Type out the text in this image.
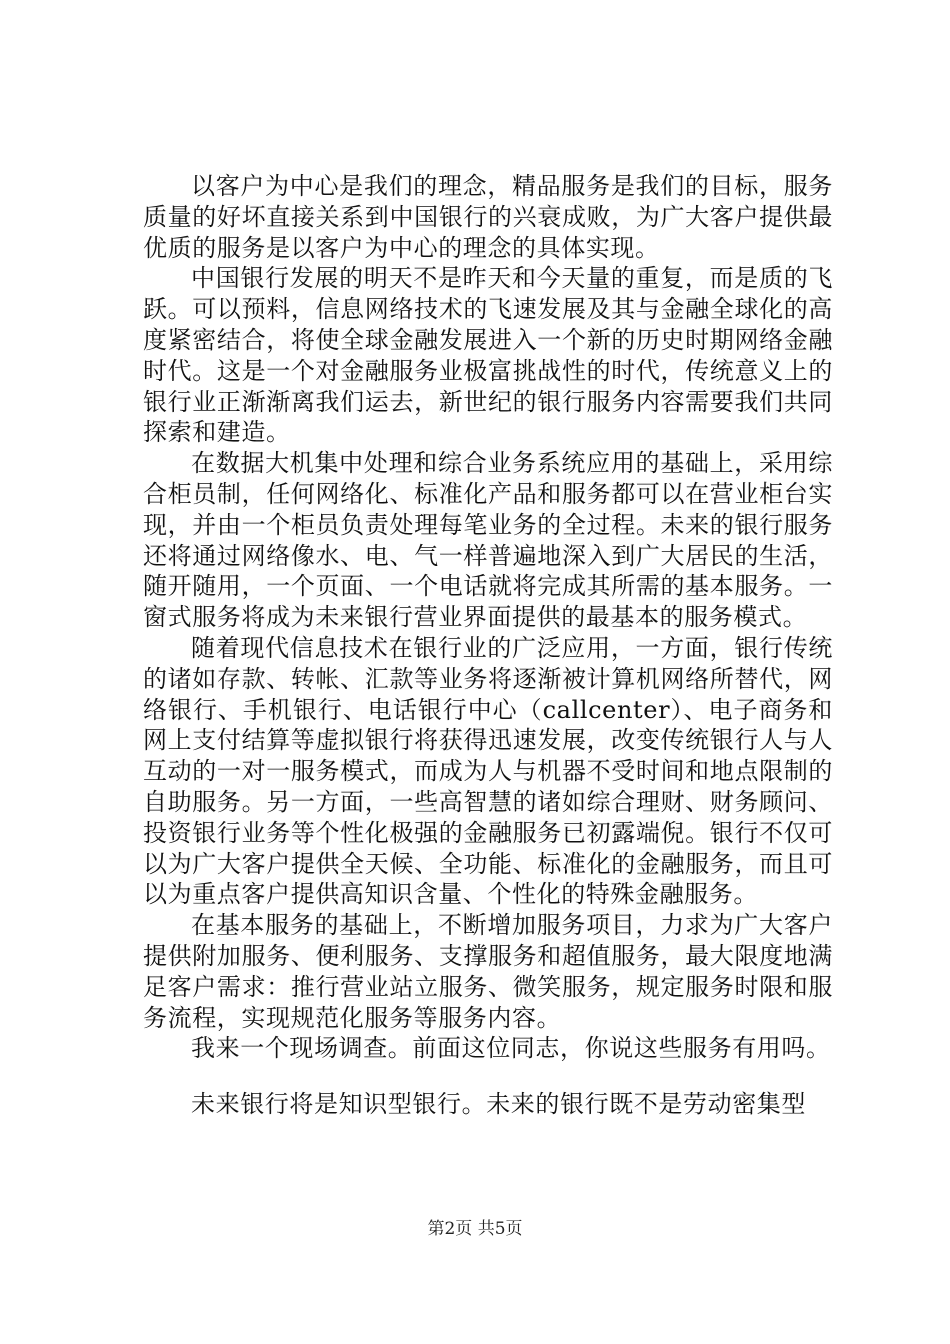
以客户为中心是我们的理念，精品服务是我们的目标，服务质量的好坏直接关系到中国银行的兴衰成败，为广大客户提供最优质的服务是以客户为中心的理念的具体实现。

中国银行发展的明天不是昨天和今天量的重复，而是质的飞跃。可以预料，信息网络技术的飞速发展及其与金融全球化的高度紧密结合，将使全球金融发展进入一个新的历史时期网络金融时代。这是一个对金融服务业极富挑战性的时代，传统意义上的银行业正渐渐离我们运去，新世纪的银行服务内容需要我们共同探索和建造。

在数据大机集中处理和综合业务系统应用的基础上，采用综合柜员制，任何网络化、标准化产品和服务都可以在营业柜台实现，并由一个柜员负责处理每笔业务的全过程。未来的银行服务还将通过网络像水、电、气一样普遍地深入到广大居民的生活，随开随用，一个页面、一个电话就将完成其所需的基本服务。一窗式服务将成为未来银行营业界面提供的最基本的服务模式。

随着现代信息技术在银行业的广泛应用，一方面，银行传统的诸如存款、转帐、汇款等业务将逐渐被计算机网络所替代，网络银行、手机银行、电话银行中心（callcenter）、电子商务和网上支付结算等虚拟银行将获得迅速发展，改变传统银行人与人互动的一对一服务模式，而成为人与机器不受时间和地点限制的自助服务。另一方面，一些高智慧的诸如综合理财、财务顾问、投资银行业务等个性化极强的金融服务已初露端倪。银行不仅可以为广大客户提供全天候、全功能、标准化的金融服务，而且可以为重点客户提供高知识含量、个性化的特殊金融服务。

在基本服务的基础上，不断增加服务项目，力求为广大客户提供附加服务、便利服务、支撑服务和超值服务，最大限度地满足客户需求：推行营业站立服务、微笑服务，规定服务时限和服务流程，实现规范化服务等服务内容。

我来一个现场调查。前面这位同志，你说这些服务有用吗。

未来银行将是知识型银行。未来的银行既不是劳动密集型

第2页 共5页
